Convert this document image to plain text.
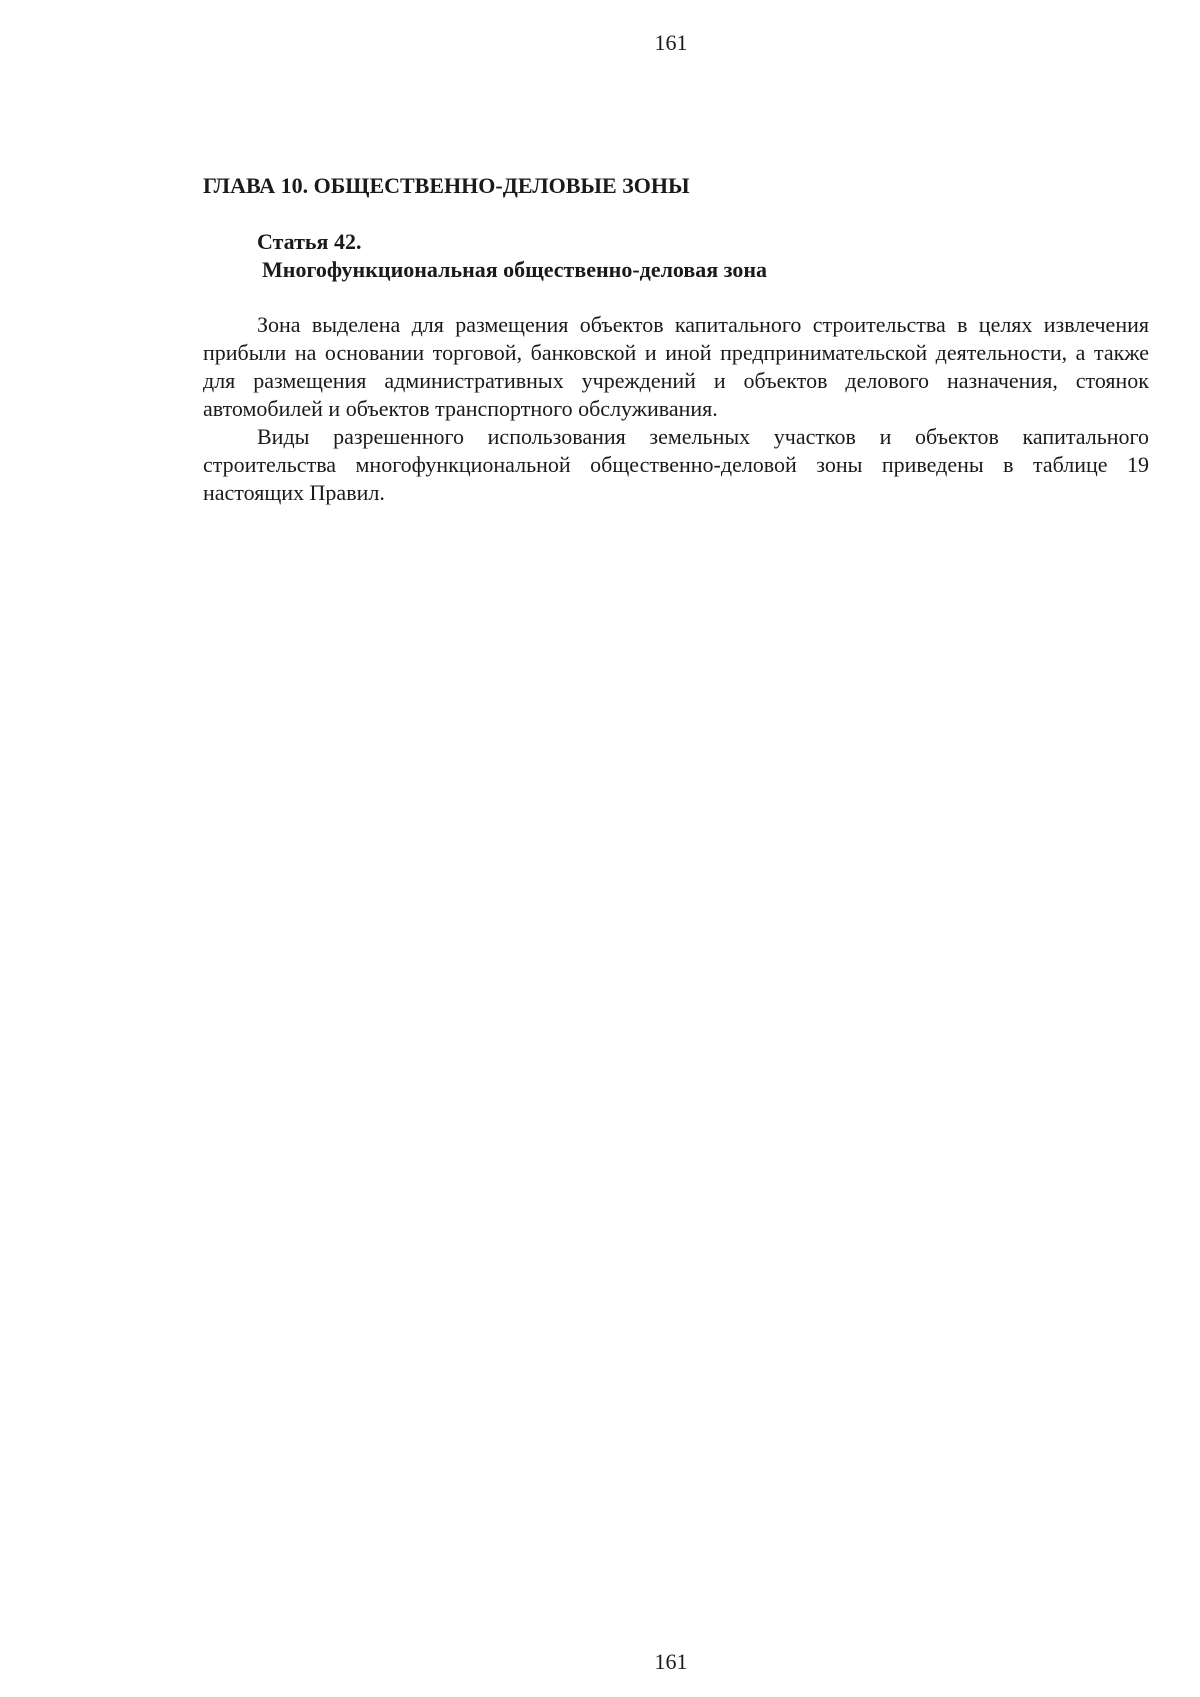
161
ГЛАВА 10. ОБЩЕСТВЕННО-ДЕЛОВЫЕ ЗОНЫ
Статья 42.
Многофункциональная общественно-деловая зона

Зона выделена для размещения объектов капитального строительства в целях извлечения прибыли на основании торговой, банковской и иной предпринимательской деятельности, а также для размещения административных учреждений и объектов делового назначения, стоянок автомобилей и объектов транспортного обслуживания.

Виды разрешенного использования земельных участков и объектов капитального строительства многофункциональной общественно-деловой зоны приведены в таблице 19 настоящих Правил.

161
